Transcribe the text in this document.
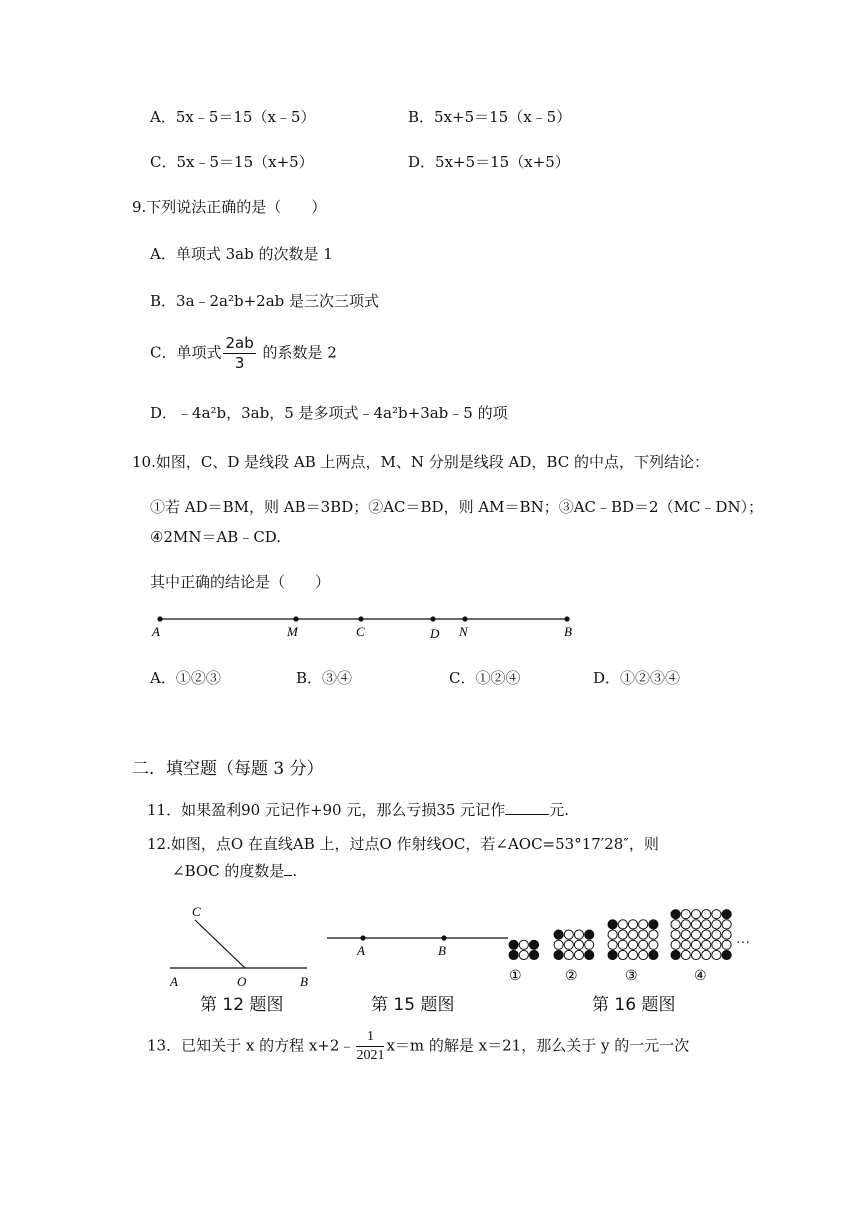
A．5x﹣5＝15（x﹣5）	B．5x+5＝15（x﹣5）
C．5x﹣5＝15（x+5）	D．5x+5＝15（x+5）
9.下列说法正确的是（　　）
A．单项式 3ab 的次数是 1
B．3a﹣2a²b+2ab 是三次三项式
C．单项式 $\frac{2ab}{3}$ 的系数是 2
D．﹣4a²b，3ab，5 是多项式﹣4a²b+3ab﹣5 的项
10.如图，C、D 是线段 AB 上两点，M、N 分别是线段 AD，BC 的中点，下列结论：
①若 AD＝BM，则 AB＝3BD；②AC＝BD，则 AM＝BN；③AC﹣BD＝2（MC﹣DN）；
④2MN＝AB﹣CD.
其中正确的结论是（　　）
A	M	C	D N	B
A．①②③	B．③④	C．①②④	D．①②③④
二．填空题（每题 3 分）
11．如果盈利90 元记作+90 元，那么亏损35 元记作	元.
12.如图，点O 在直线AB 上，过点O 作射线OC，若∠AOC=53°17′28″，则
∠BOC 的度数是 .
C
A	O	B
第 12 题图
A	B
第 15 题图
①	②	③	④
…
第 16 题图
13．已知关于 x 的方程 x+2﹣ $\frac{1}{2021} x=m$ 的解是 x＝21，那么关于 y 的一元一次
